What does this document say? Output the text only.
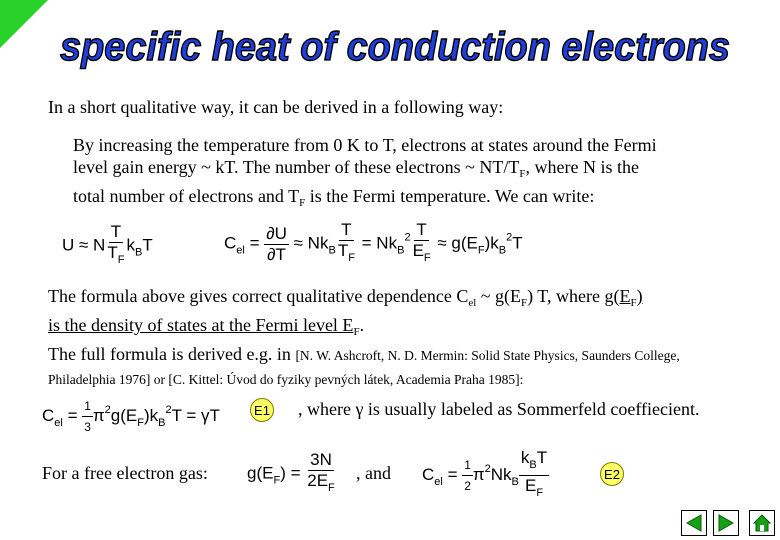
specific heat of conduction electrons
In a short qualitative way, it can be derived in a following way:
By increasing the temperature from 0 K to T, electrons at states around the Fermi
level gain energy ~ kT. The number of these electrons ~ $NT/T_F$, where N is the
total number of electrons and $T_F$ is the Fermi temperature. We can write:
U ≈ N $\frac{T}{T_F} k_BT$	$C_{el} = \frac{\partial U}{\partial T} \approx Nk_B \frac{T}{T_F} = Nk_B^2 \frac{T}{E_F} \approx g(E_F)k_B^2T$
The formula above gives correct qualitative dependence $C_{el}$ ~ $g(E_F)$ T, where $g(E_F)$
is the density of states at the Fermi level $E_F$.
The full formula is derived e.g. in [N. W. Ashcroft, N. D. Mermin: Solid State Physics, Saunders College,
Philadelphia 1976] or [C. Kittel: Úvod do fyziky pevných látek, Academia Praha 1985]:
$C_{el} = \frac{1}{3} \pi^2g(E_F)k_B^2T = \gamma T$	E1 , where γ is usually labeled as Sommerfeld coeffiecient.
For a free electron gas: $g(E_F) = \frac{3N}{2E_F}$ , and $C_{el} = \frac{1}{2} \pi^2Nk_B \frac{k_BT}{E_F}$	E2
